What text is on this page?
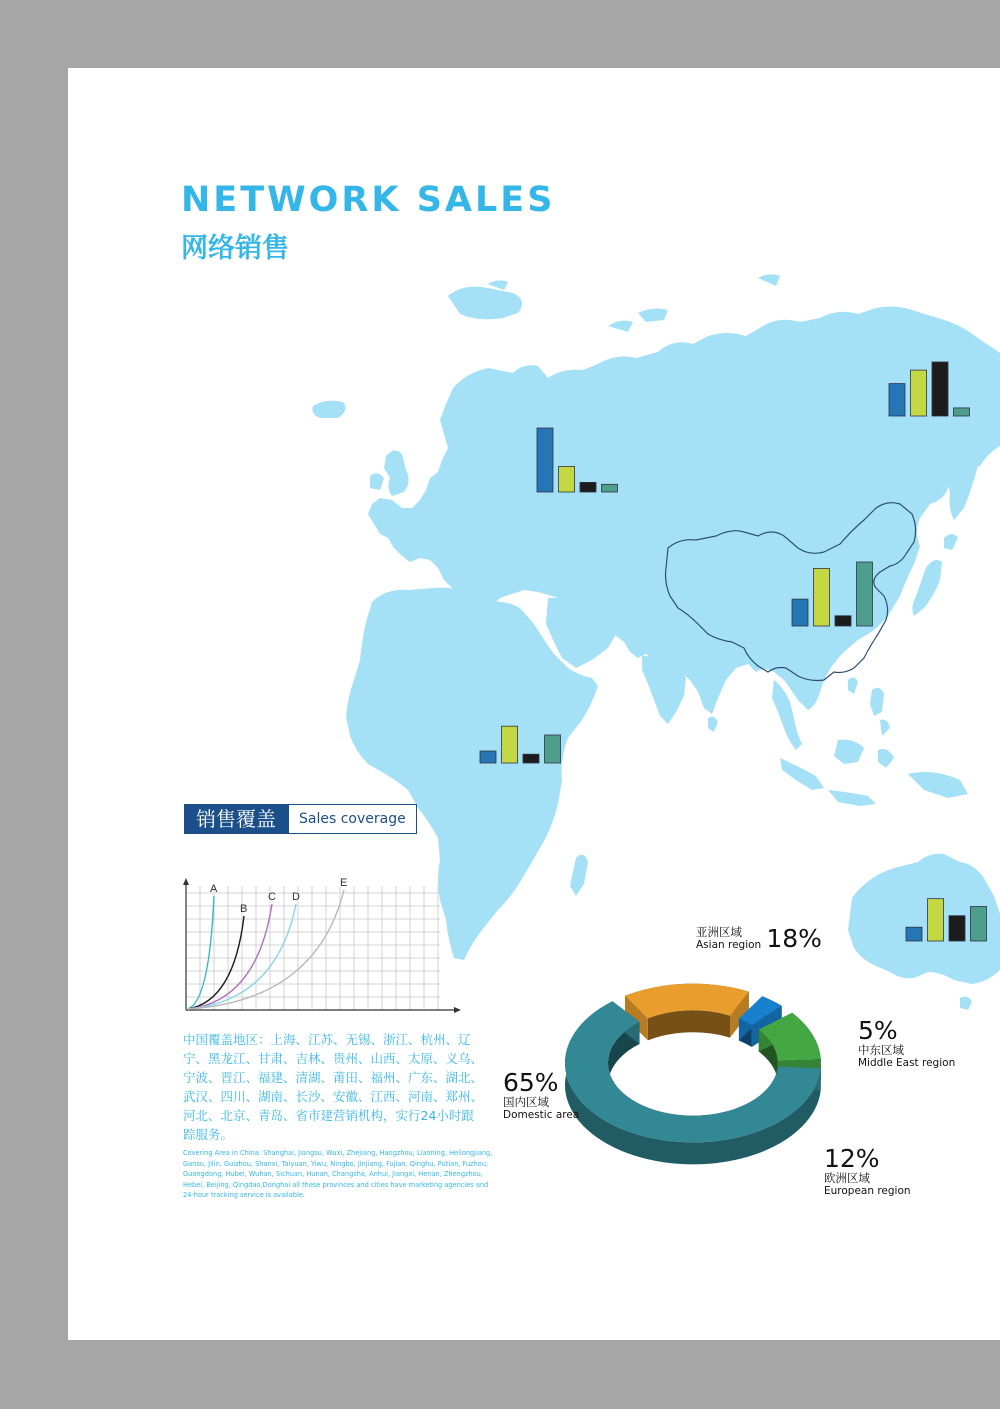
NETWORK SALES
网络销售
销售覆盖	Sales coverage
A
B
C D
E
中国覆盖地区：上海、江苏、无锡、浙江、杭州、辽宁、黑龙江、甘肃、吉林、贵州、山西、太原、义乌、宁波、晋江、福建、清湖、莆田、福州、广东、湖北、武汉、四川、湖南、长沙、安徽、江西、河南、郑州、河北、北京、青岛、省市建营销机构，实行24小时跟踪服务。
Covering Area in China: Shanghai, Jiangsu, Wuxi, Zhejiang, Hangzhou, Liaoning, Heilongjiang, Gansu, Jilin, Guizhou, Shanxi, Taiyuan, Yiwu, Ningbo, Jinjiang, Fujian, Qinghu, Putian, Fuzhou, Guangdong, Hubei, Wuhan, Sichuan, Hunan, Changsha, Anhui, Jiangxi, Henan, Zhengzhou, Hebei, Beijing, Qingdao,Donghai all these provinces and cities have marketing agencies and 24-hour tracking service is available.
亚洲区域
Asian region 18%
5%
中东区域
Middle East region
65%
国内区域
Domestic area
12%
欧洲区域
European region
